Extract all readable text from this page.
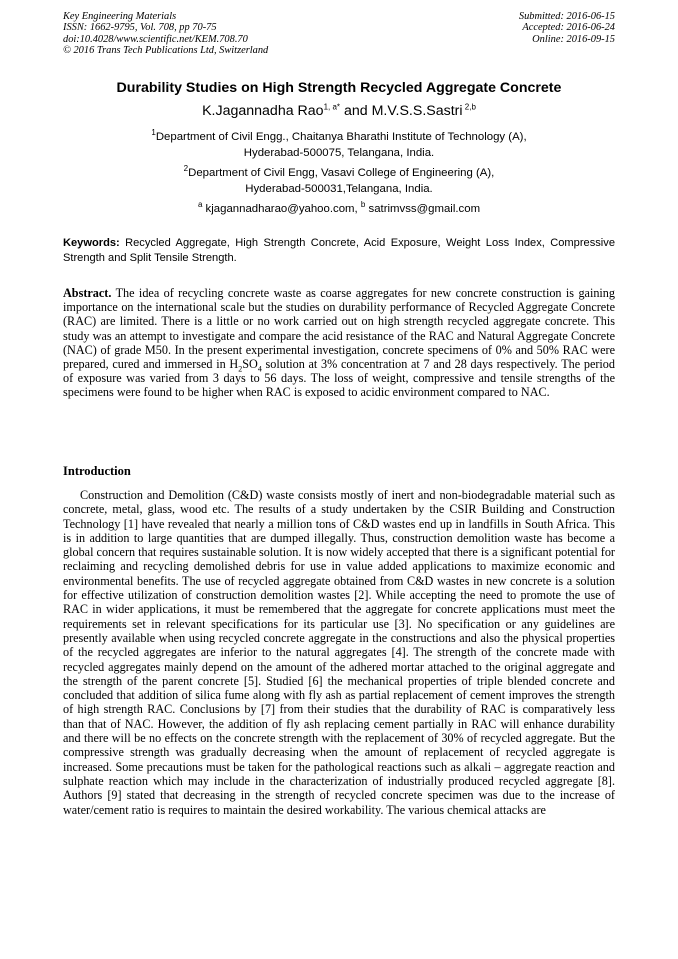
Key Engineering Materials
ISSN: 1662-9795, Vol. 708, pp 70-75
doi:10.4028/www.scientific.net/KEM.708.70
© 2016 Trans Tech Publications Ltd, Switzerland
Submitted: 2016-06-15
Accepted: 2016-06-24
Online: 2016-09-15
Durability Studies on High Strength Recycled Aggregate Concrete
K.Jagannadha Rao$^{1, a*}$ and M.V.S.S.Sastri $^{2,b}$
$^1$Department of Civil Engg., Chaitanya Bharathi Institute of Technology (A),
Hyderabad-500075, Telangana, India.
$^2$Department of Civil Engg, Vasavi College of Engineering (A),
Hyderabad-500031,Telangana, India.
$^a$ kjagannadharao@yahoo.com, $^b$ satrimvss@gmail.com
Keywords: Recycled Aggregate, High Strength Concrete, Acid Exposure, Weight Loss Index, Compressive Strength and Split Tensile Strength.
Abstract. The idea of recycling concrete waste as coarse aggregates for new concrete construction is gaining importance on the international scale but the studies on durability performance of Recycled Aggregate Concrete (RAC) are limited. There is a little or no work carried out on high strength recycled aggregate concrete. This study was an attempt to investigate and compare the acid resistance of the RAC and Natural Aggregate Concrete (NAC) of grade M50. In the present experimental investigation, concrete specimens of 0% and 50% RAC were prepared, cured and immersed in $H_2SO_4$ solution at 3% concentration at 7 and 28 days respectively. The period of exposure was varied from 3 days to 56 days. The loss of weight, compressive and tensile strengths of the specimens were found to be higher when RAC is exposed to acidic environment compared to NAC.
Introduction
Construction and Demolition (C&D) waste consists mostly of inert and non-biodegradable material such as concrete, metal, glass, wood etc. The results of a study undertaken by the CSIR Building and Construction Technology [1] have revealed that nearly a million tons of C&D wastes end up in landfills in South Africa. This is in addition to large quantities that are dumped illegally. Thus, construction demolition waste has become a global concern that requires sustainable solution. It is now widely accepted that there is a significant potential for reclaiming and recycling demolished debris for use in value added applications to maximize economic and environmental benefits. The use of recycled aggregate obtained from C&D wastes in new concrete is a solution for effective utilization of construction demolition wastes [2]. While accepting the need to promote the use of RAC in wider applications, it must be remembered that the aggregate for concrete applications must meet the requirements set in relevant specifications for its particular use [3]. No specification or any guidelines are presently available when using recycled concrete aggregate in the constructions and also the physical properties of the recycled aggregates are inferior to the natural aggregates [4]. The strength of the concrete made with recycled aggregates mainly depend on the amount of the adhered mortar attached to the original aggregate and the strength of the parent concrete [5]. Studied [6] the mechanical properties of triple blended concrete and concluded that addition of silica fume along with fly ash as partial replacement of cement improves the strength of high strength RAC. Conclusions by [7] from their studies that the durability of RAC is comparatively less than that of NAC. However, the addition of fly ash replacing cement partially in RAC will enhance durability and there will be no effects on the concrete strength with the replacement of 30% of recycled aggregate. But the compressive strength was gradually decreasing when the amount of replacement of recycled aggregate is increased. Some precautions must be taken for the pathological reactions such as alkali – aggregate reaction and sulphate reaction which may include in the characterization of industrially produced recycled aggregate [8]. Authors [9] stated that decreasing in the strength of recycled concrete specimen was due to the increase of water/cement ratio is requires to maintain the desired workability. The various chemical attacks are
